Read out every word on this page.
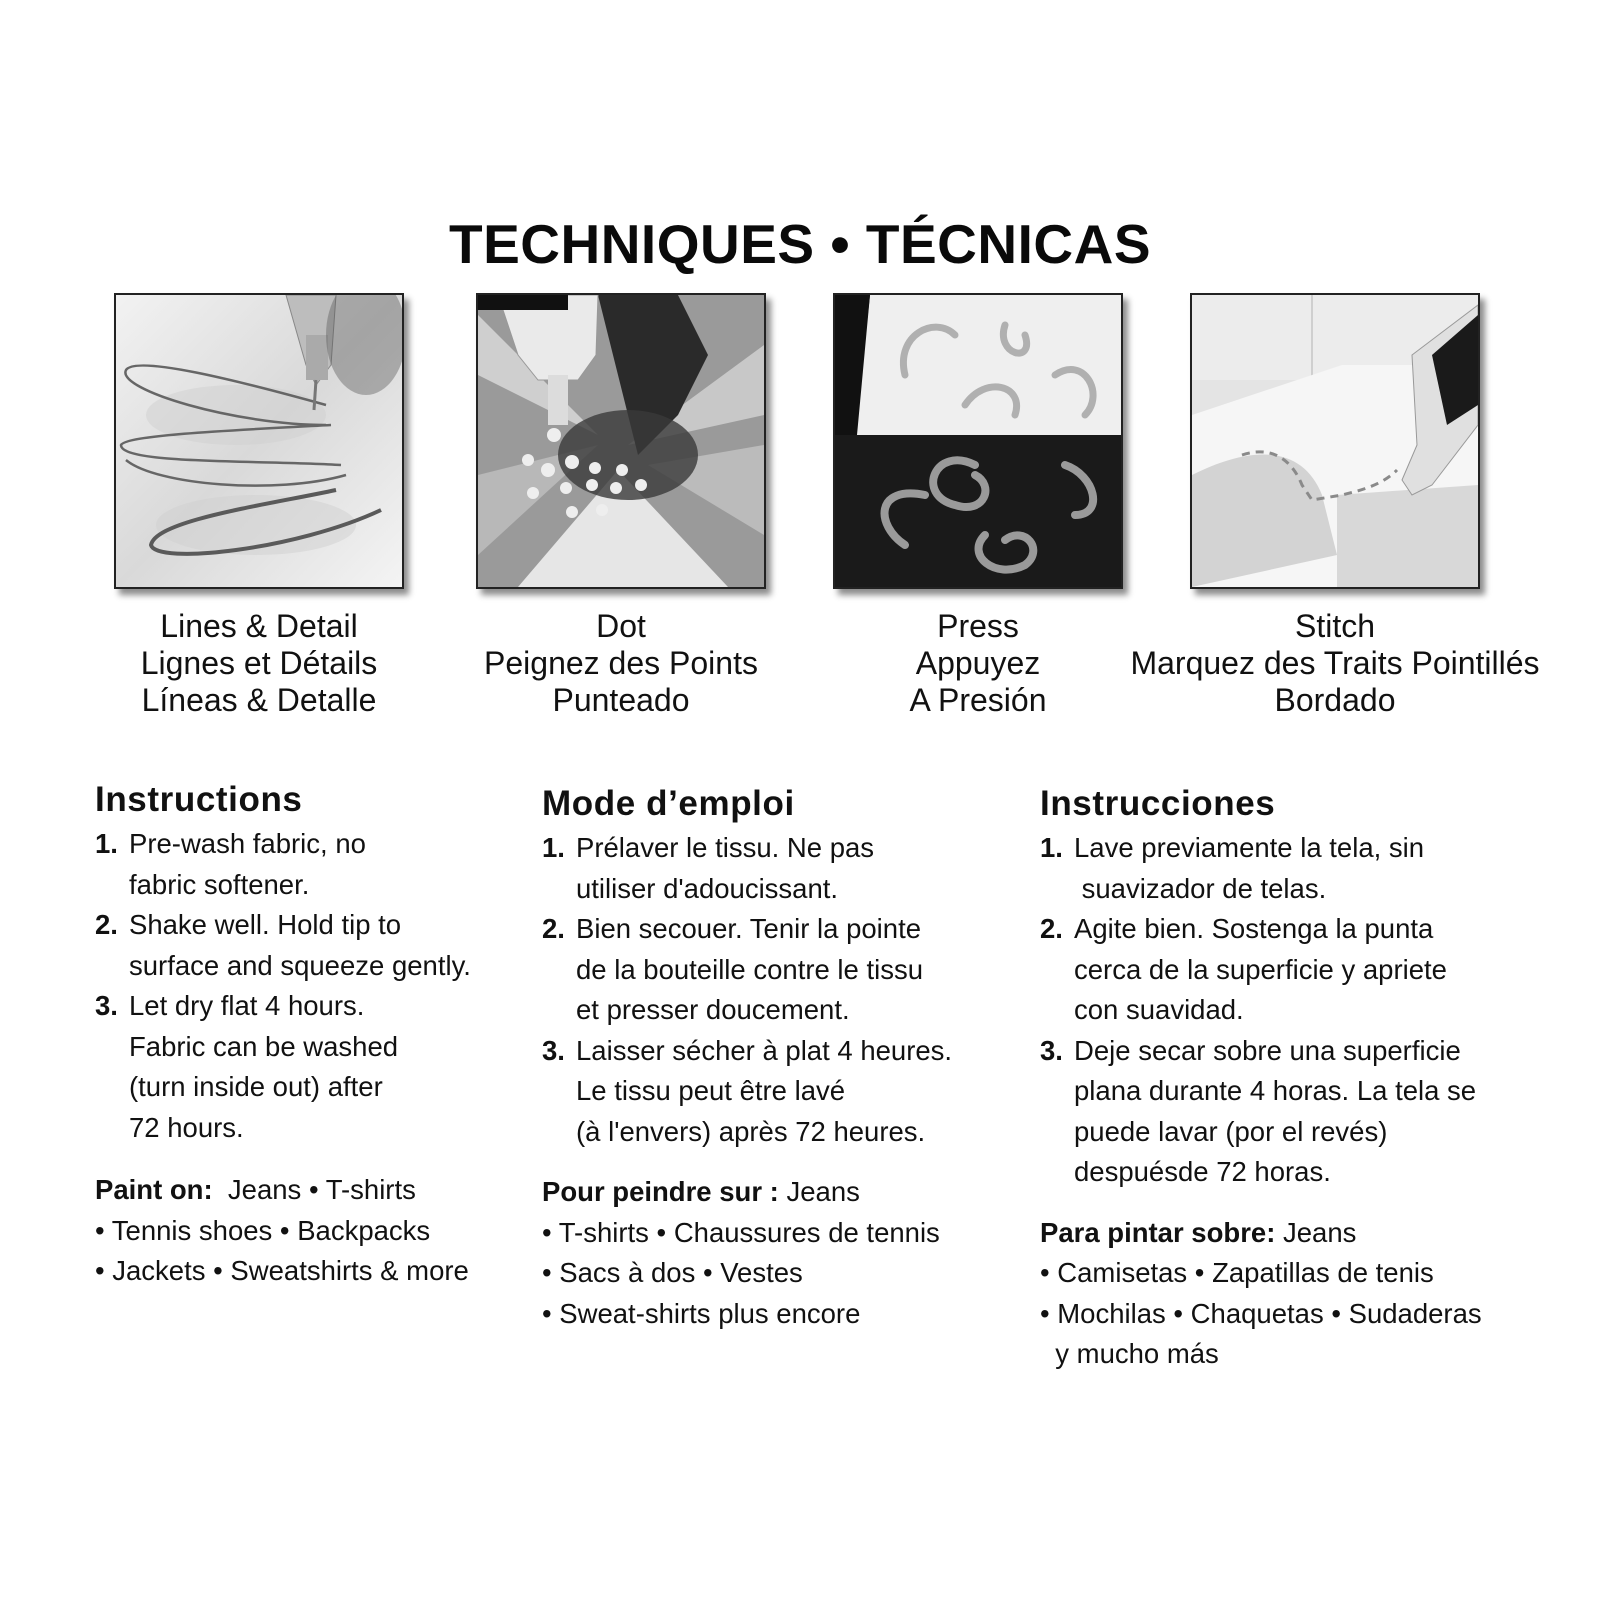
TECHNIQUES • TÉCNICAS
Lines & Detail
Lignes et Détails
Líneas & Detalle
Dot
Peignez des Points
Punteado
Press
Appuyez
A Presión
Stitch
Marquez des Traits Pointillés
Bordado
Instructions
1. Pre-wash fabric, no
fabric softener.
2. Shake well. Hold tip to
surface and squeeze gently.
3. Let dry flat 4 hours.
Fabric can be washed
(turn inside out) after
72 hours.
Paint on:  Jeans • T-shirts
• Tennis shoes • Backpacks
• Jackets • Sweatshirts & more
Mode d’emploi
1. Prélaver le tissu. Ne pas
utiliser d'adoucissant.
2. Bien secouer. Tenir la pointe
de la bouteille contre le tissu
et presser doucement.
3. Laisser sécher à plat 4 heures.
Le tissu peut être lavé
(à l'envers) après 72 heures.
Pour peindre sur : Jeans
• T-shirts • Chaussures de tennis
• Sacs à dos • Vestes
• Sweat-shirts plus encore
Instrucciones
1. Lave previamente la tela, sin
suavizador de telas.
2. Agite bien. Sostenga la punta
cerca de la superficie y apriete
con suavidad.
3. Deje secar sobre una superficie
plana durante 4 horas. La tela se
puede lavar (por el revés)
despuésde 72 horas.
Para pintar sobre: Jeans
• Camisetas • Zapatillas de tenis
• Mochilas • Chaquetas • Sudaderas
y mucho más
